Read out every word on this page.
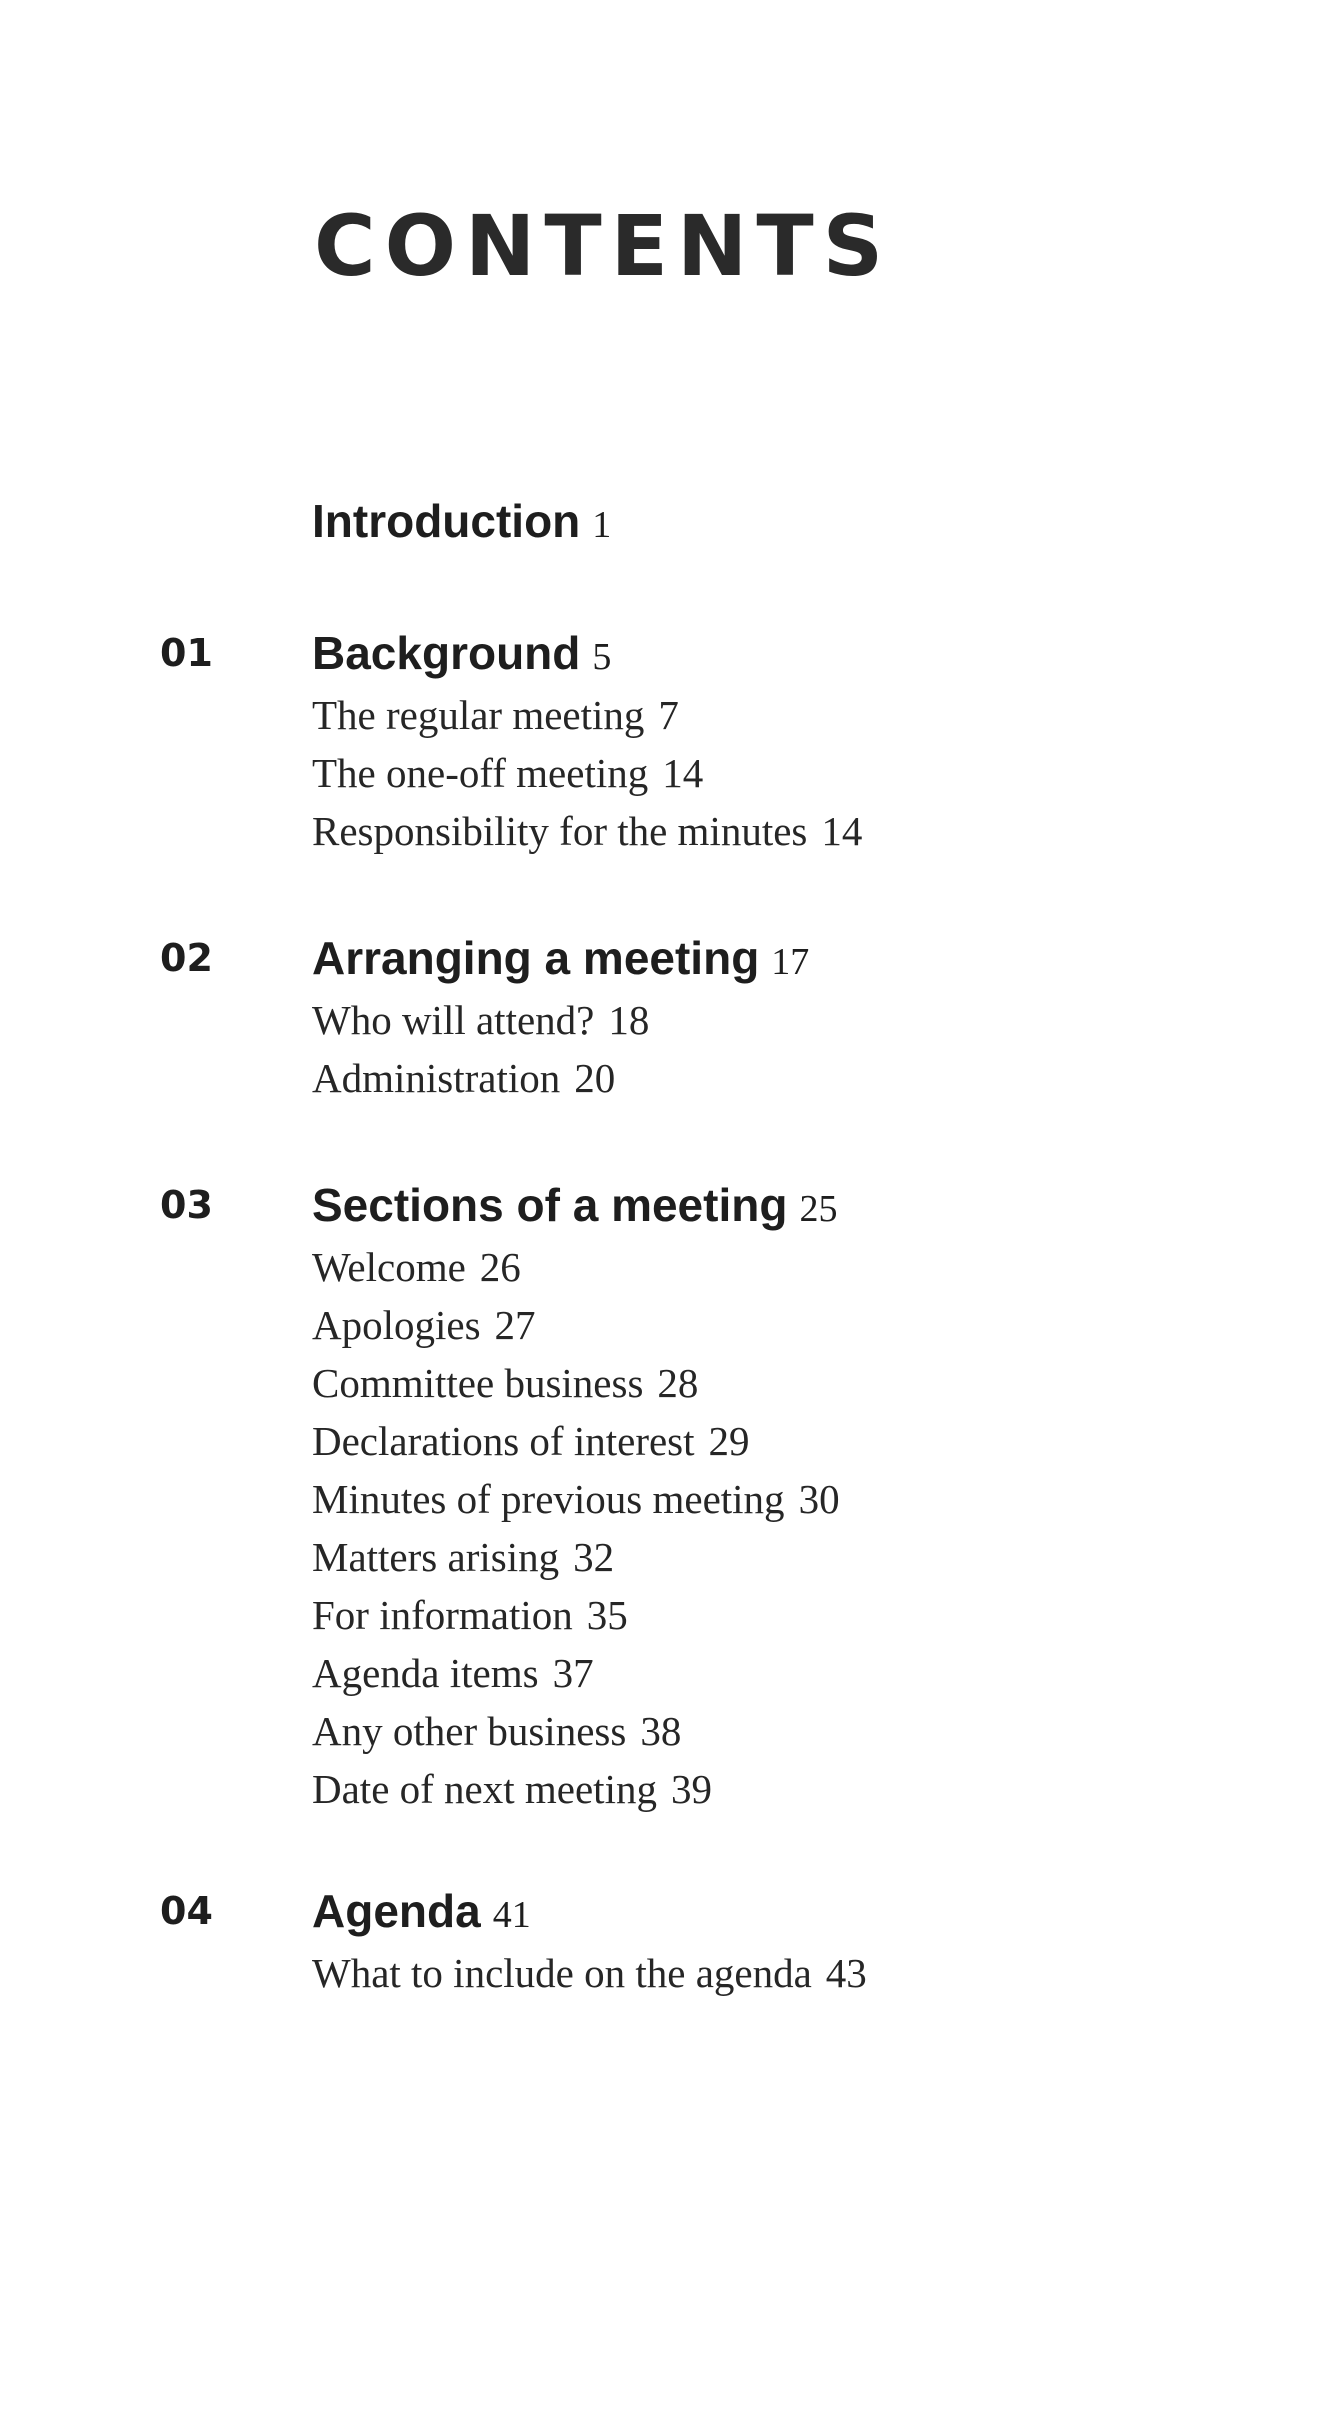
CONTENTS
Introduction 1
01 Background 5
The regular meeting 7
The one-off meeting 14
Responsibility for the minutes 14
02 Arranging a meeting 17
Who will attend? 18
Administration 20
03 Sections of a meeting 25
Welcome 26
Apologies 27
Committee business 28
Declarations of interest 29
Minutes of previous meeting 30
Matters arising 32
For information 35
Agenda items 37
Any other business 38
Date of next meeting 39
04 Agenda 41
What to include on the agenda 43
